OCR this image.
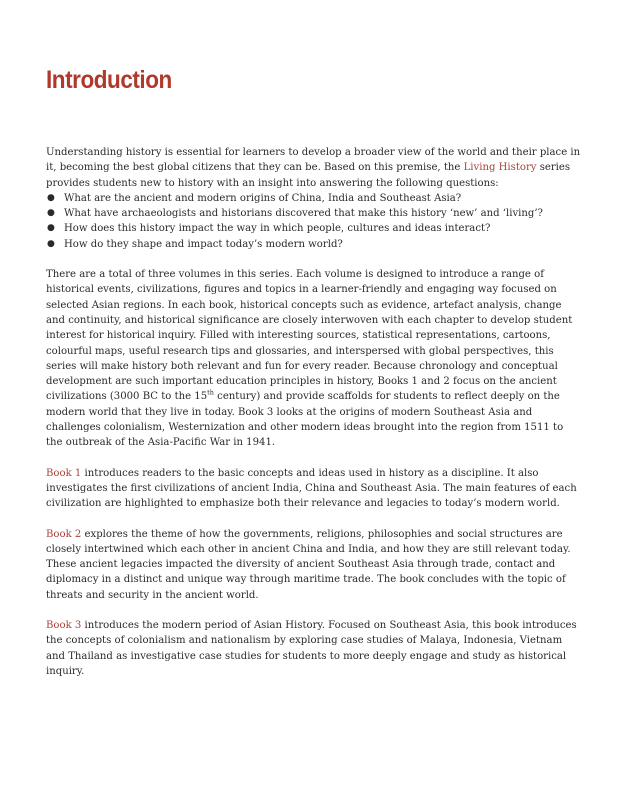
Introduction

Understanding history is essential for learners to develop a broader view of the world and their place in it, becoming the best global citizens that they can be. Based on this premise, the Living History series provides students new to history with an insight into answering the following questions:

● What are the ancient and modern origins of China, India and Southeast Asia?
● What have archaeologists and historians discovered that make this history ‘new’ and ‘living’?
● How does this history impact the way in which people, cultures and ideas interact?
● How do they shape and impact today’s modern world?

There are a total of three volumes in this series. Each volume is designed to introduce a range of historical events, civilizations, figures and topics in a learner-friendly and engaging way focused on selected Asian regions. In each book, historical concepts such as evidence, artefact analysis, change and continuity, and historical significance are closely interwoven with each chapter to develop student interest for historical inquiry. Filled with interesting sources, statistical representations, cartoons, colourful maps, useful research tips and glossaries, and interspersed with global perspectives, this series will make history both relevant and fun for every reader. Because chronology and conceptual development are such important education principles in history, Books 1 and 2 focus on the ancient civilizations (3000 BC to the 15th century) and provide scaffolds for students to reflect deeply on the modern world that they live in today. Book 3 looks at the origins of modern Southeast Asia and challenges colonialism, Westernization and other modern ideas brought into the region from 1511 to the outbreak of the Asia-Pacific War in 1941.

Book 1 introduces readers to the basic concepts and ideas used in history as a discipline. It also investigates the first civilizations of ancient India, China and Southeast Asia. The main features of each civilization are highlighted to emphasize both their relevance and legacies to today’s modern world.

Book 2 explores the theme of how the governments, religions, philosophies and social structures are closely intertwined which each other in ancient China and India, and how they are still relevant today. These ancient legacies impacted the diversity of ancient Southeast Asia through trade, contact and diplomacy in a distinct and unique way through maritime trade. The book concludes with the topic of threats and security in the ancient world.

Book 3 introduces the modern period of Asian History. Focused on Southeast Asia, this book introduces the concepts of colonialism and nationalism by exploring case studies of Malaya, Indonesia, Vietnam and Thailand as investigative case studies for students to more deeply engage and study as historical inquiry.
